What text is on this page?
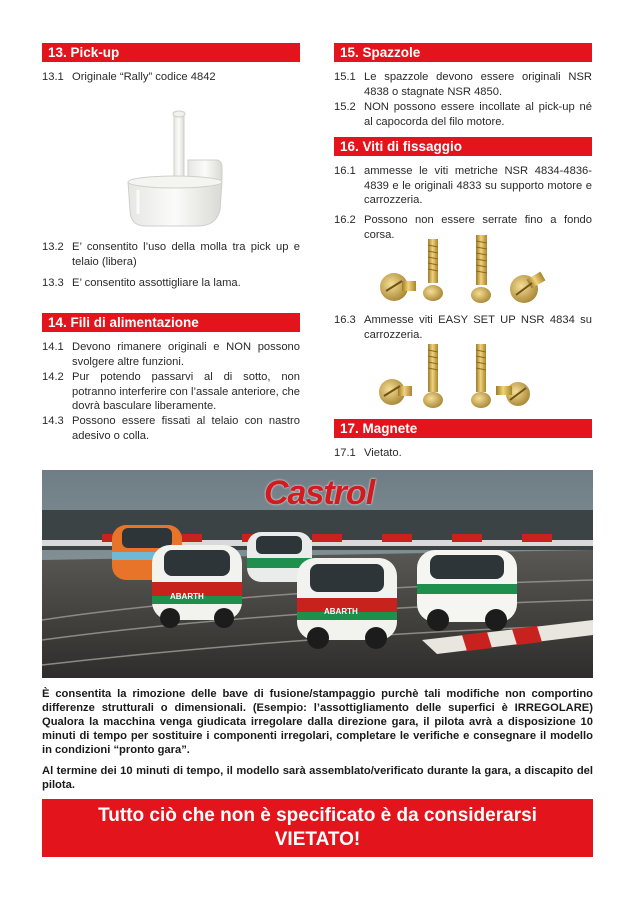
13. Pick-up
13.1 Originale “Rally” codice 4842
13.2 E’ consentito l’uso della molla tra pick up e telaio (libera)
13.3 E’ consentito assottigliare la lama.
14. Fili di alimentazione
14.1 Devono rimanere originali e NON possono svolgere altre funzioni.
14.2 Pur potendo passarvi al di sotto, non potranno interferire con l’assale anteriore, che dovrà basculare liberamente.
14.3 Possono essere fissati al telaio con nastro adesivo o colla.
15. Spazzole
15.1 Le spazzole devono essere originali NSR 4838 o stagnate NSR 4850.
15.2 NON possono essere incollate al pick-up né al capocorda del filo motore.
16. Viti di fissaggio
16.1 ammesse le viti metriche NSR 4834-4836-4839 e le originali 4833 su supporto motore e carrozzeria.
16.2 Possono non essere serrate fino a fondo corsa.
16.3 Ammesse viti EASY SET UP NSR 4834 su carrozzeria.
17. Magnete
17.1 Vietato.
Castrol
ABARTH
ABARTH
È consentita la rimozione delle bave di fusione/stampaggio purchè tali modifiche non comportino differenze strutturali o dimensionali. (Esempio: l’assottigliamento delle superfici è IRREGOLARE) Qualora la macchina venga giudicata irregolare dalla direzione gara, il pilota avrà a disposizione 10 minuti di tempo per sostituire i componenti irregolari, completare le verifiche e consegnare il modello in condizioni “pronto gara”.
Al termine dei 10 minuti di tempo, il modello sarà assemblato/verificato durante la gara, a discapito del pilota.
Tutto ciò che non è specificato è da considerarsi
VIETATO!
